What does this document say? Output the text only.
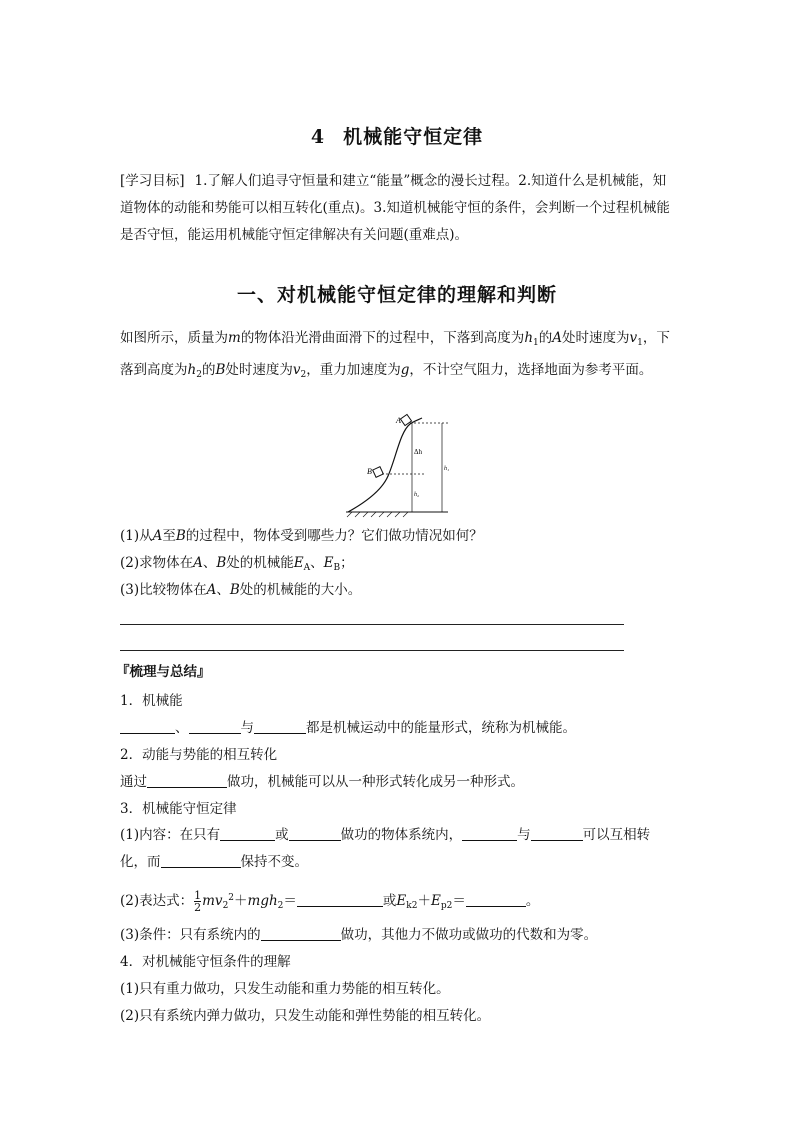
4 机械能守恒定律
[学习目标] 1.了解人们追寻守恒量和建立“能量”概念的漫长过程。2.知道什么是机械能，知道物体的动能和势能可以相互转化(重点)。3.知道机械能守恒的条件，会判断一个过程机械能是否守恒，能运用机械能守恒定律解决有关问题(重难点)。
一、对机械能守恒定律的理解和判断
如图所示，质量为m的物体沿光滑曲面滑下的过程中，下落到高度为$h_1$的A处时速度为$v_1$，下落到高度为$h_2$的B处时速度为$v_2$，重力加速度为g，不计空气阻力，选择地面为参考平面。
A
B
Δh
h₁
h₂
(1)从A至B的过程中，物体受到哪些力？它们做功情况如何？
(2)求物体在A、B处的机械能$E_A$、$E_B$；
(3)比较物体在A、B处的机械能的大小。
『梳理与总结』
1．机械能
、	与	都是机械运动中的能量形式，统称为机械能。
2．动能与势能的相互转化
通过	做功，机械能可以从一种形式转化成另一种形式。
3．机械能守恒定律
(1)内容：在只有	或	做功的物体系统内，	与	可以互相转化，而	保持不变。
(2)表达式： $\frac{1}{2} mv_2^2+mgh_2=$	或$E_{k2}+E_{p2}=$	。
(3)条件：只有系统内的	做功，其他力不做功或做功的代数和为零。
4．对机械能守恒条件的理解
(1)只有重力做功，只发生动能和重力势能的相互转化。
(2)只有系统内弹力做功，只发生动能和弹性势能的相互转化。
